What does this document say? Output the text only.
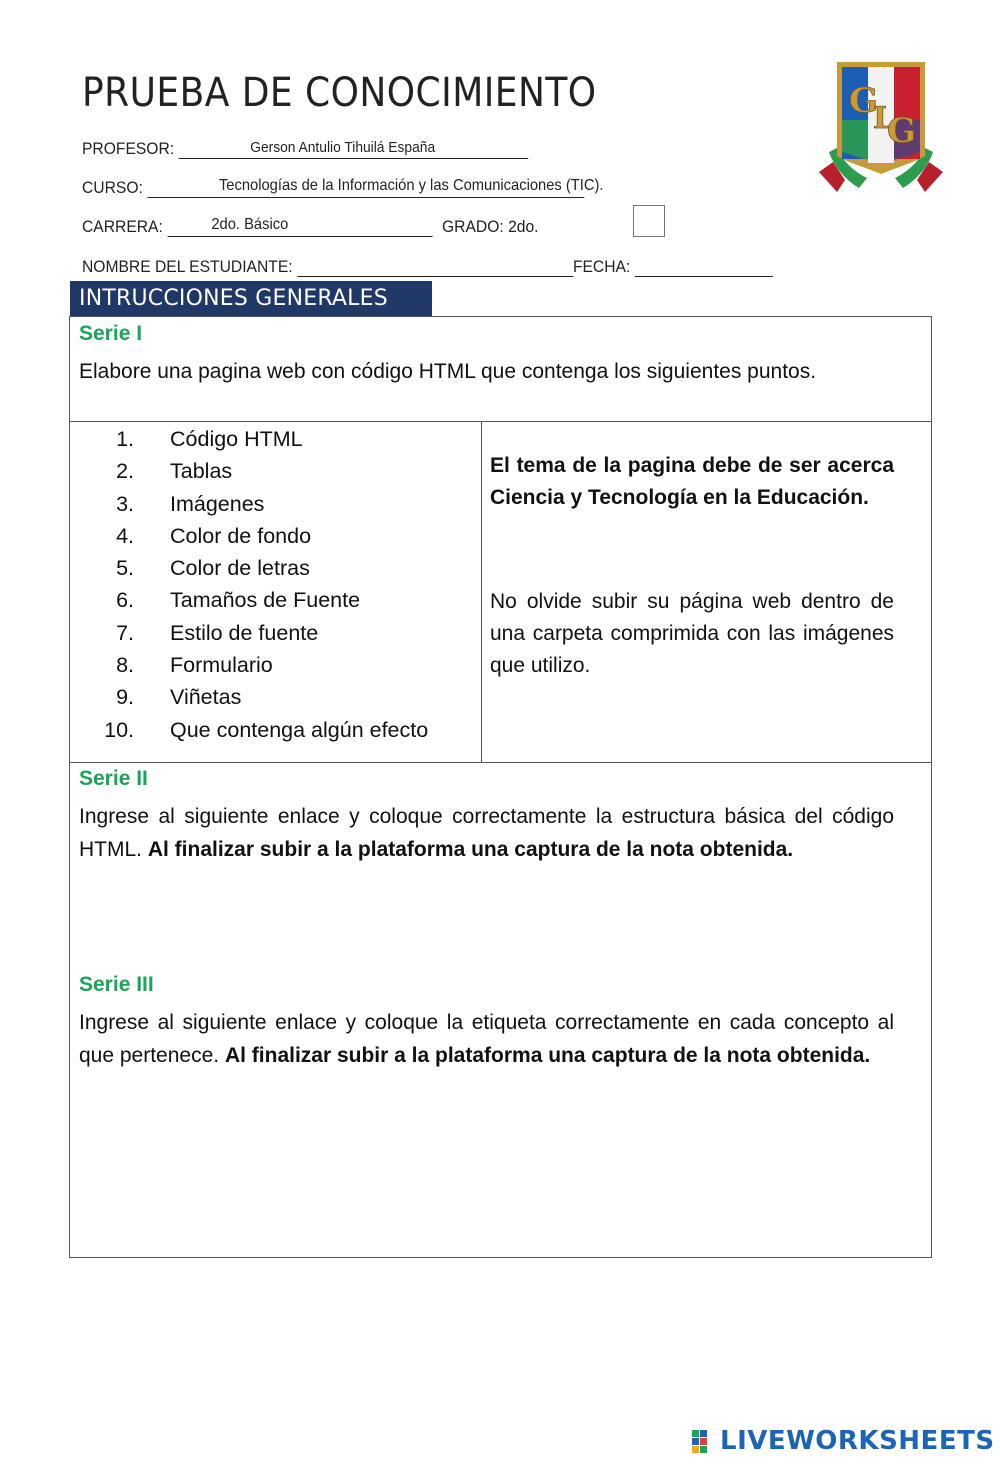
PRUEBA DE CONOCIMIENTO	G
L
G
PROFESOR:	Gerson Antulio Tihuilá España
CURSO:	Tecnologías de la Información y las Comunicaciones (TIC).
CARRERA:	2do. Básico	GRADO: 2do.
NOMBRE DEL ESTUDIANTE:	FECHA:
INTRUCCIONES GENERALES
Serie I
Elabore una pagina web con código HTML que contenga los siguientes puntos.
1. Código HTML
2. Tablas
3. Imágenes
4. Color de fondo
5. Color de letras
6. Tamaños de Fuente
7. Estilo de fuente
8. Formulario
9. Viñetas
10. Que contenga algún efecto
El tema de la pagina debe de ser acerca Ciencia y Tecnología en la Educación.
No olvide subir su página web dentro de una carpeta comprimida con las imágenes que utilizo.
Serie II
Ingrese al siguiente enlace y coloque correctamente la estructura básica del código HTML. Al finalizar subir a la plataforma una captura de la nota obtenida.
Serie III
Ingrese al siguiente enlace y coloque la etiqueta correctamente en cada concepto al que pertenece. Al finalizar subir a la plataforma una captura de la nota obtenida.
LIVEWORKSHEETS
